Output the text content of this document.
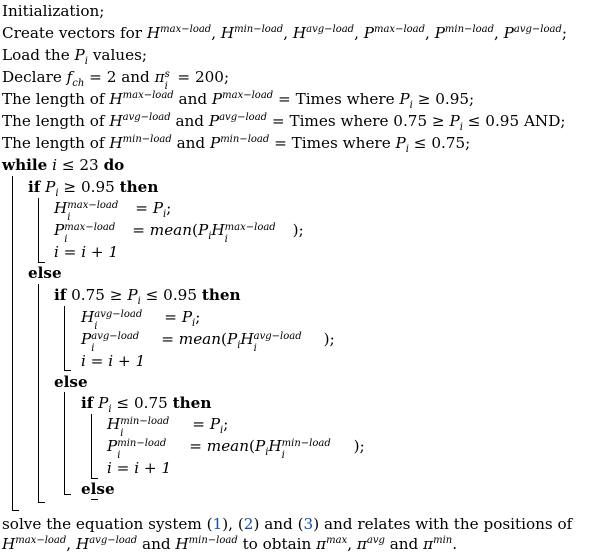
Initialization;
Create vectors for $H^{max-load}$, $H^{min-load}$, $H^{avg-load}$, $P^{max-load}$, $P^{min-load}$, $P^{avg-load}$;
Load the $P_i$ values;
Declare $f_{ch} = 2$ and π s
i
= 200;
The length of $H^{max-load}$ and $P^{max-load}$ = Times where $P_i \ge 0.95$;
The length of $H^{avg-load}$ and $P^{avg-load}$ = Times where $0.75 \ge P_i \le 0.95$ AND;
The length of $H^{min-load}$ and $P^{min-load}$ = Times where $P_i \le 0.75$;
while i ≤ 23 do
if $P_i \ge 0.95$ then
H max−load
i
= $P_i$;
P max−load
i
= $mean(P_iH$ max−load
i
);
i = i + 1
else
if $0.75 \ge P_i \le 0.95$ then
H avg−load
i
= $P_i$;
P avg−load
i
= $mean(P_iH$ avg−load
i
);
i = i + 1
else
if $P_i \le 0.75$ then
H min−load
i
= $P_i$;
P min−load
i
= $mean(P_iH$ min−load
i
);
i = i + 1
else
solve the equation system (1), (2) and (3) and relates with the positions of
$H^{max-load}$, $H^{avg-load}$ and $H^{min-load}$ to obtain $\pi^{max}$, $\pi^{avg}$ and $\pi^{min}$.
